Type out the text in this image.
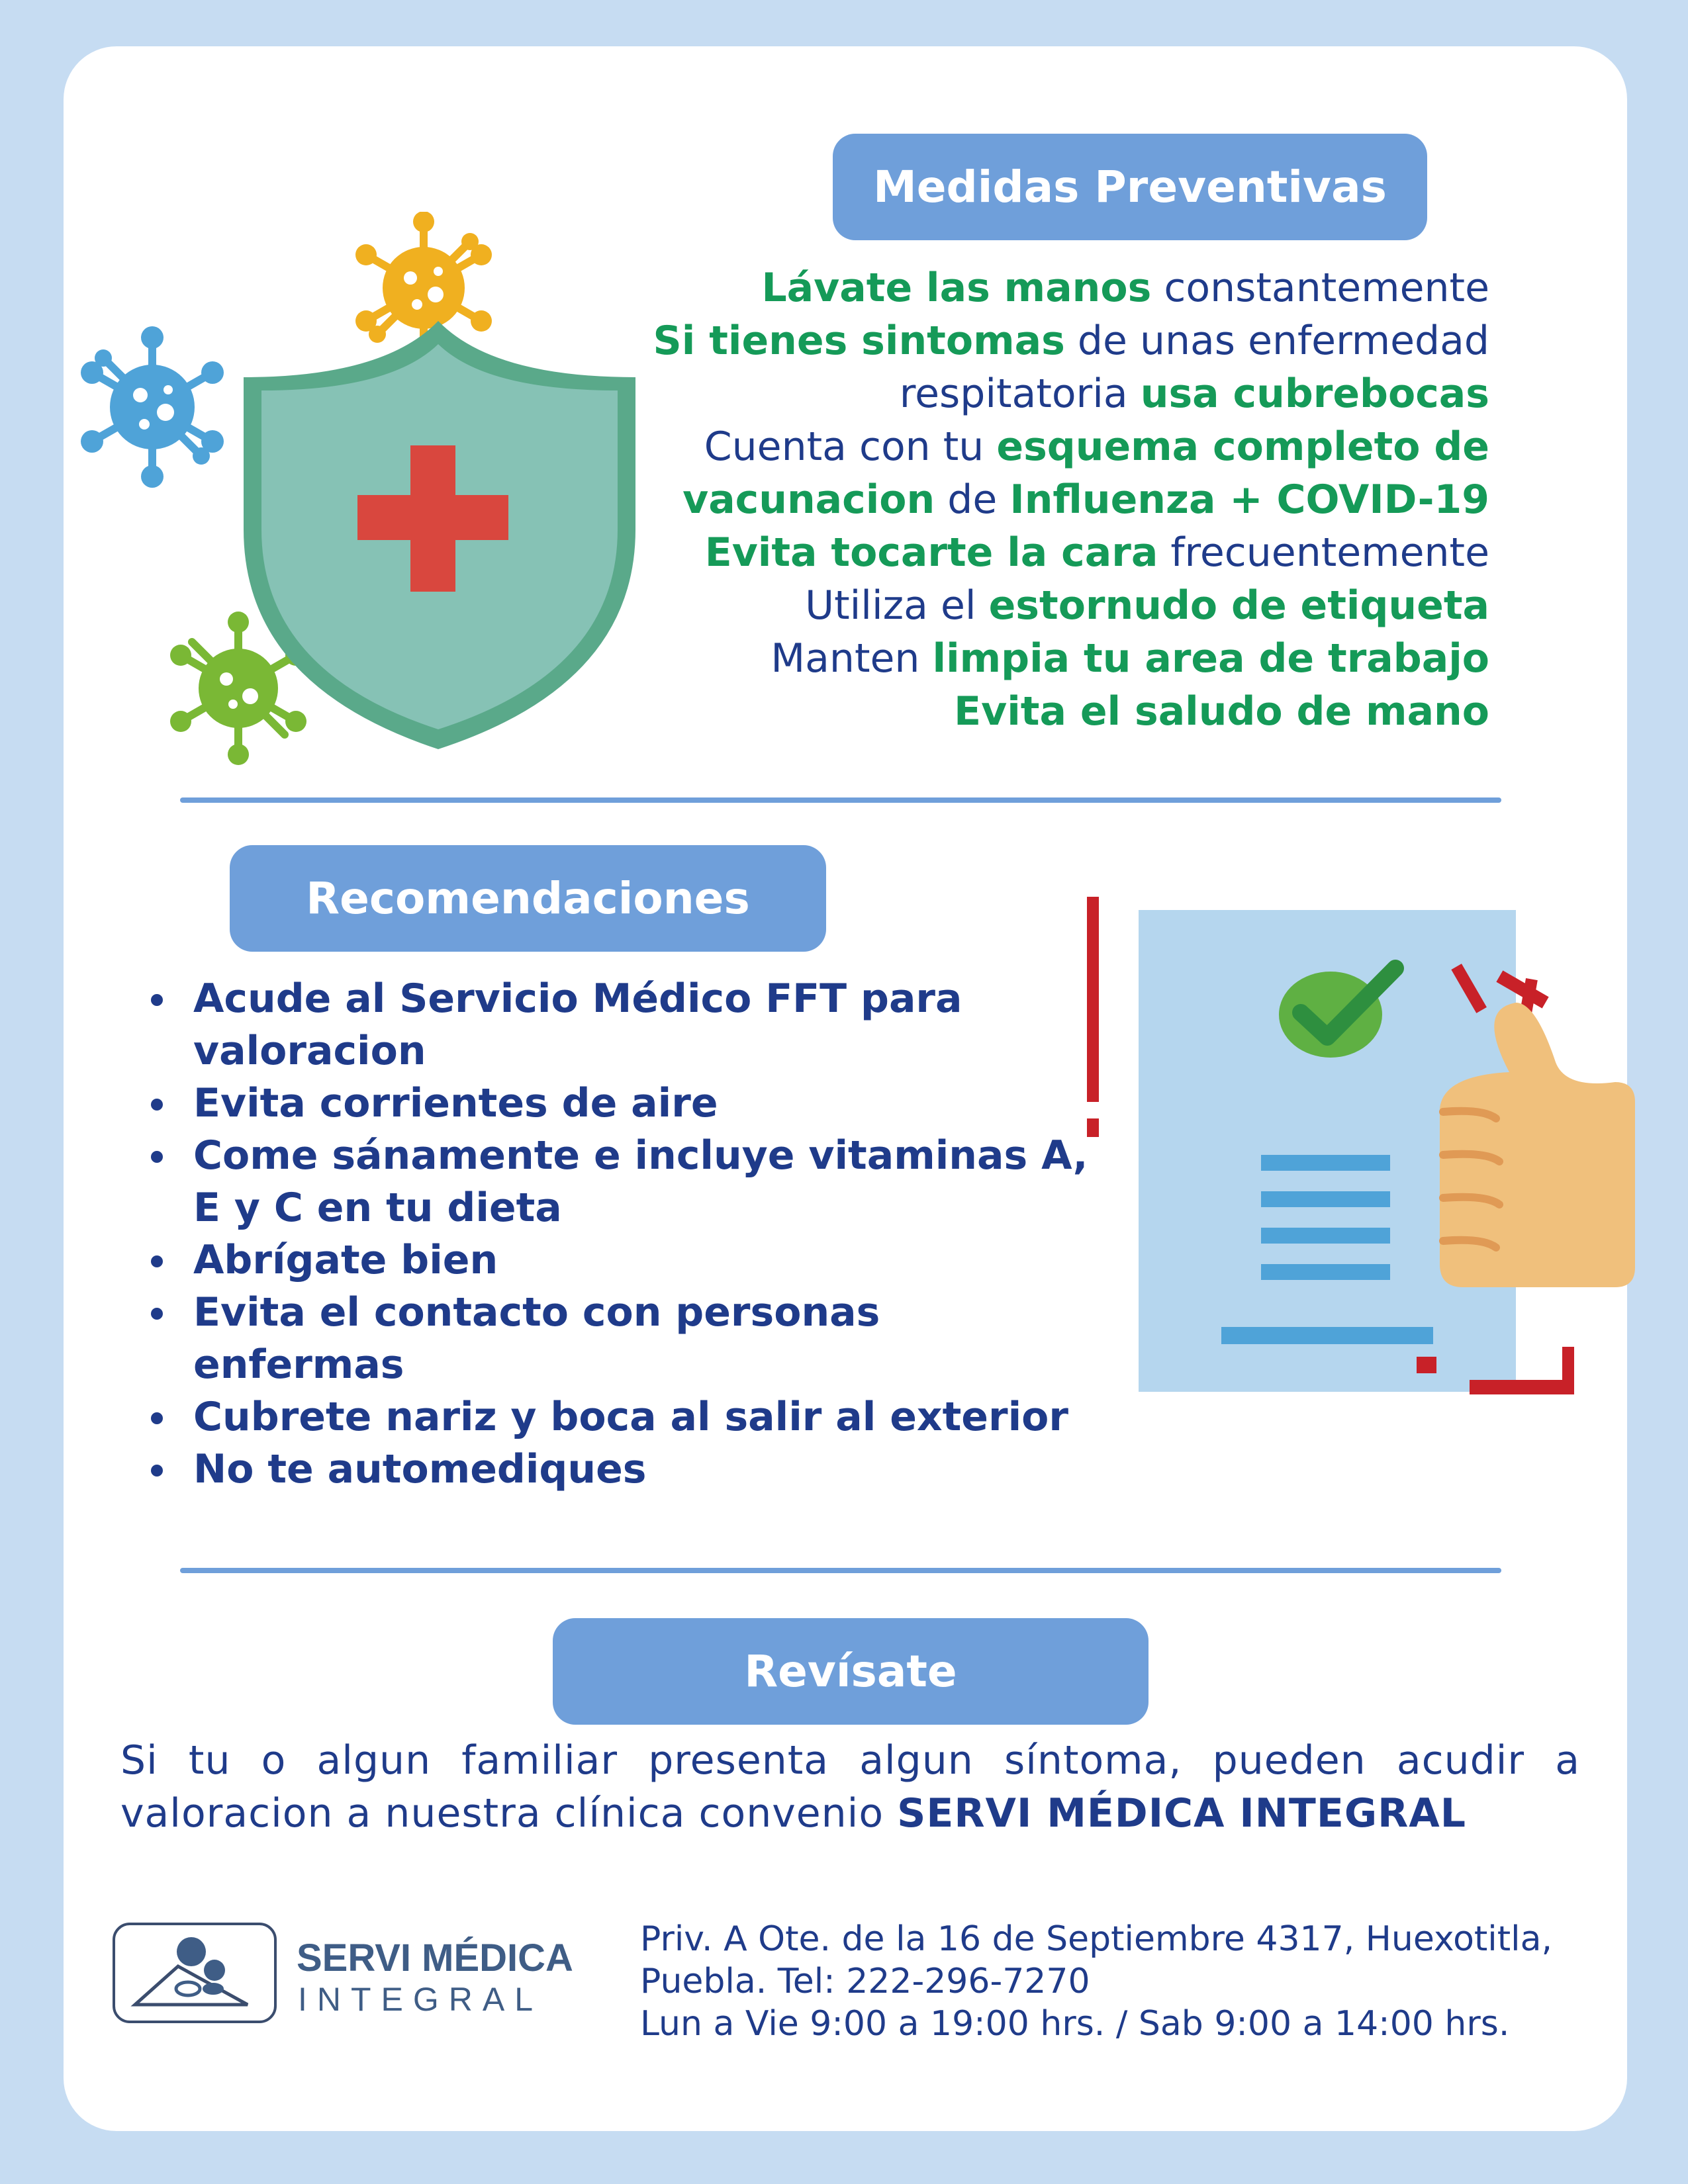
Medidas Preventivas
Lávate las manos constantemente
Si tienes sintomas de unas enfermedad
respitatoria usa cubrebocas
Cuenta con tu esquema completo de
vacunacion de Influenza + COVID-19
Evita tocarte la cara frecuentemente
Utiliza el estornudo de etiqueta
Manten limpia tu area de trabajo
Evita el saludo de mano
Recomendaciones
Acude al Servicio Médico FFT para valoracion
Evita corrientes de aire
Come sánamente e incluye vitaminas A, E y C en tu dieta
Abrígate bien
Evita el contacto con personas enfermas
Cubrete nariz y boca al salir al exterior
No te automediques
Revísate
Si tu o algun familiar presenta algun síntoma, pueden acudir a valoracion a nuestra clínica convenio SERVI MÉDICA INTEGRAL
SERVI MÉDICA
INTEGRAL
Priv. A Ote. de la 16 de Septiembre 4317, Huexotitla,
Puebla. Tel: 222-296-7270
Lun a Vie 9:00 a 19:00 hrs. / Sab 9:00 a 14:00 hrs.
